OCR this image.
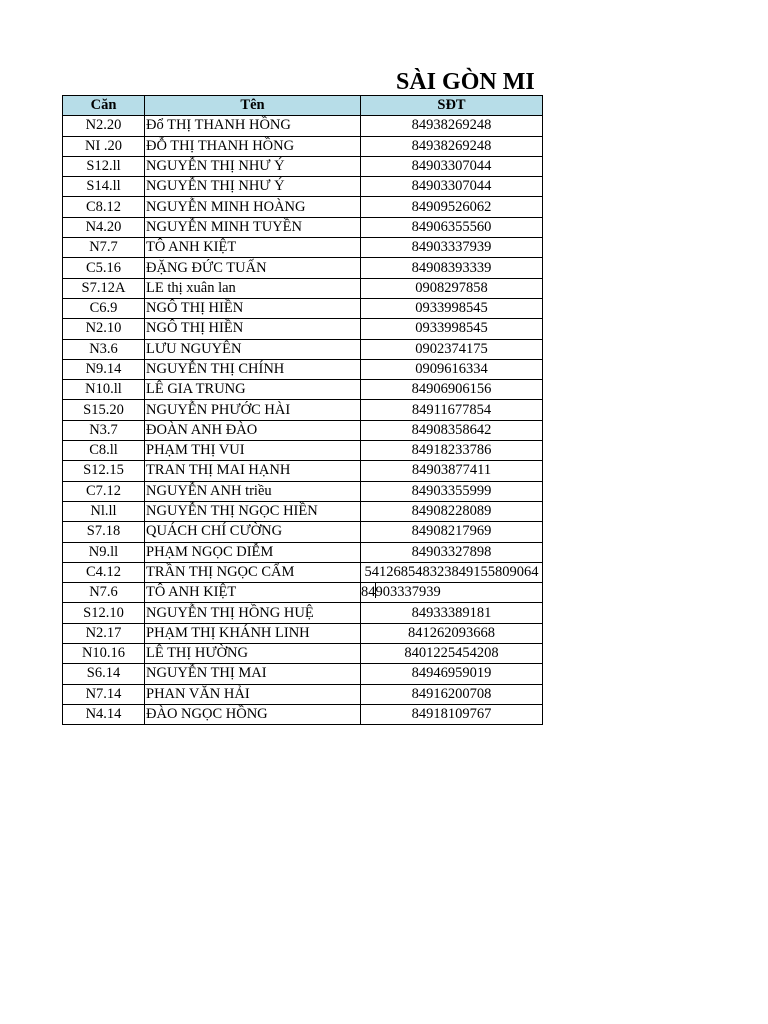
SÀI GÒN MI
Căn	Tên	SĐT
N2.20	Đổ THỊ THANH HỒNG	84938269248
NI .20	ĐỖ THỊ THANH HỒNG	84938269248
S12.ll	NGUYỄN THỊ NHƯ Ý	84903307044
S14.ll	NGUYỄN THỊ NHƯ Ý	84903307044
C8.12	NGUYỄN MINH HOÀNG	84909526062
N4.20	NGUYỄN MINH TUYỀN	84906355560
N7.7	TÔ ANH KIỆT	84903337939
C5.16	ĐẶNG ĐỨC TUẤN	84908393339
S7.12A	LE thị xuân lan	0908297858
C6.9	NGÔ THỊ HIỀN	0933998545
N2.10	NGÔ THỊ HIỀN	0933998545
N3.6	LƯU NGUYÊN	0902374175
N9.14	NGUYỄN THỊ CHÍNH	0909616334
N10.ll	LÊ GIA TRUNG	84906906156
S15.20	NGUYỄN PHƯỚC HÀI	84911677854
N3.7	ĐOÀN ANH ĐÀO	84908358642
C8.ll	PHẠM THỊ VUI	84918233786
S12.15	TRAN THỊ MAI HẠNH	84903877411
C7.12	NGUYỄN ANH triều	84903355999
Nl.ll	NGUYỄN THỊ NGỌC HIỀN	84908228089
S7.18	QUÁCH CHÍ CƯỜNG	84908217969
N9.ll	PHẠM NGỌC DIỄM	84903327898
C4.12	TRẦN THỊ NGỌC CẨM	541268548323849155809064
N7.6	TÔ ANH KIỆT	84903337939
S12.10	NGUYỄN THỊ HỒNG HUỆ	84933389181
N2.17	PHẠM THỊ KHÁNH LINH	841262093668
N10.16	LÊ THỊ HƯỜNG	8401225454208
S6.14	NGUYỄN THỊ MAI	84946959019
N7.14	PHAN VĂN HẢI	84916200708
N4.14	ĐÀO NGỌC HỒNG	84918109767
